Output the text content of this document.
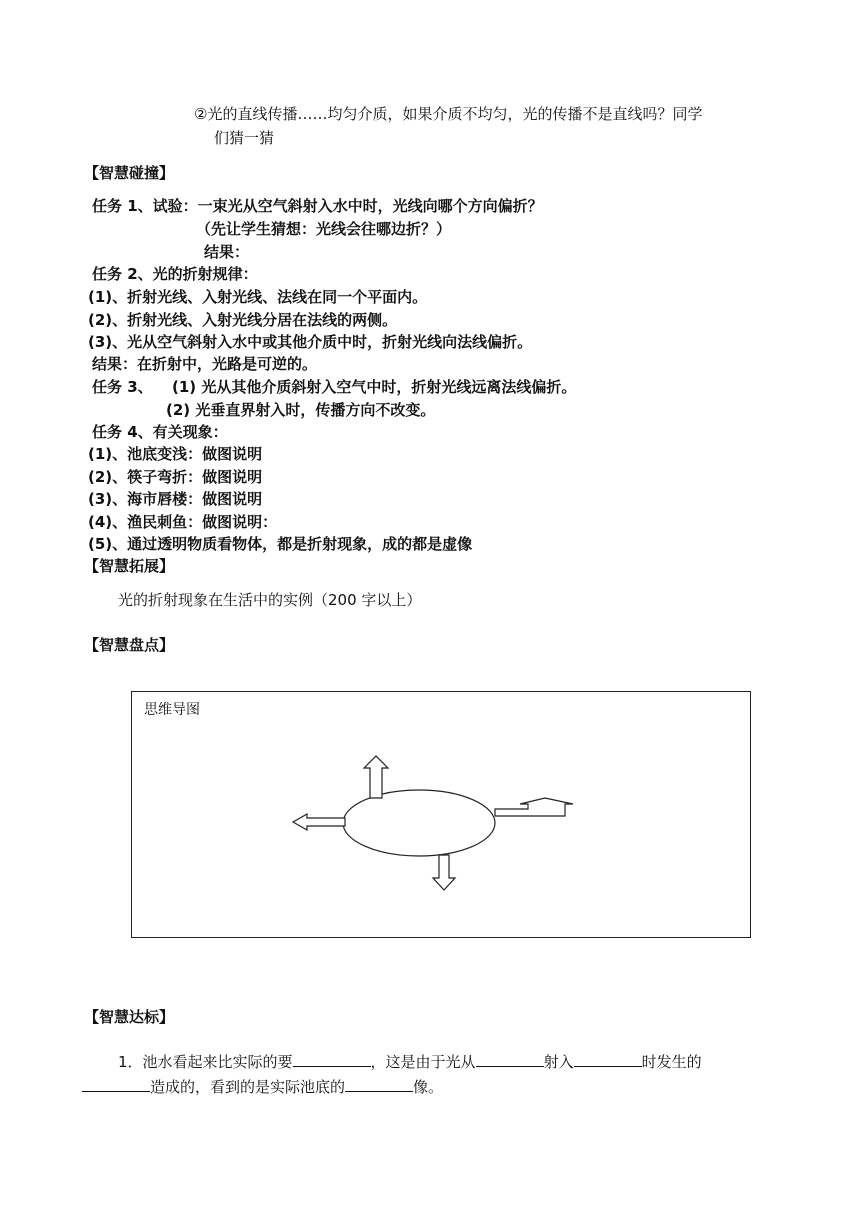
②光的直线传播……均匀介质，如果介质不均匀，光的传播不是直线吗？同学
们猜一猜
【智慧碰撞】
任务 1、试验：一束光从空气斜射入水中时，光线向哪个方向偏折？
（先让学生猜想：光线会往哪边折？）
结果：
任务 2、光的折射规律：
(1)、折射光线、入射光线、法线在同一个平面内。
(2)、折射光线、入射光线分居在法线的两侧。
(3)、光从空气斜射入水中或其他介质中时，折射光线向法线偏折。
结果：在折射中，光路是可逆的。
任务 3、 (1) 光从其他介质斜射入空气中时，折射光线远离法线偏折。
(2) 光垂直界射入时，传播方向不改变。
任务 4、有关现象：
(1)、池底变浅：做图说明
(2)、筷子弯折：做图说明
(3)、海市唇楼：做图说明
(4)、渔民刺鱼：做图说明：
(5)、通过透明物质看物体，都是折射现象，成的都是虚像
【智慧拓展】
光的折射现象在生活中的实例（200 字以上）
【智慧盘点】
思维导图
【智慧达标】
1．池水看起来比实际的要	，这是由于光从	射入	时发生的
造成的，看到的是实际池底的	像。
